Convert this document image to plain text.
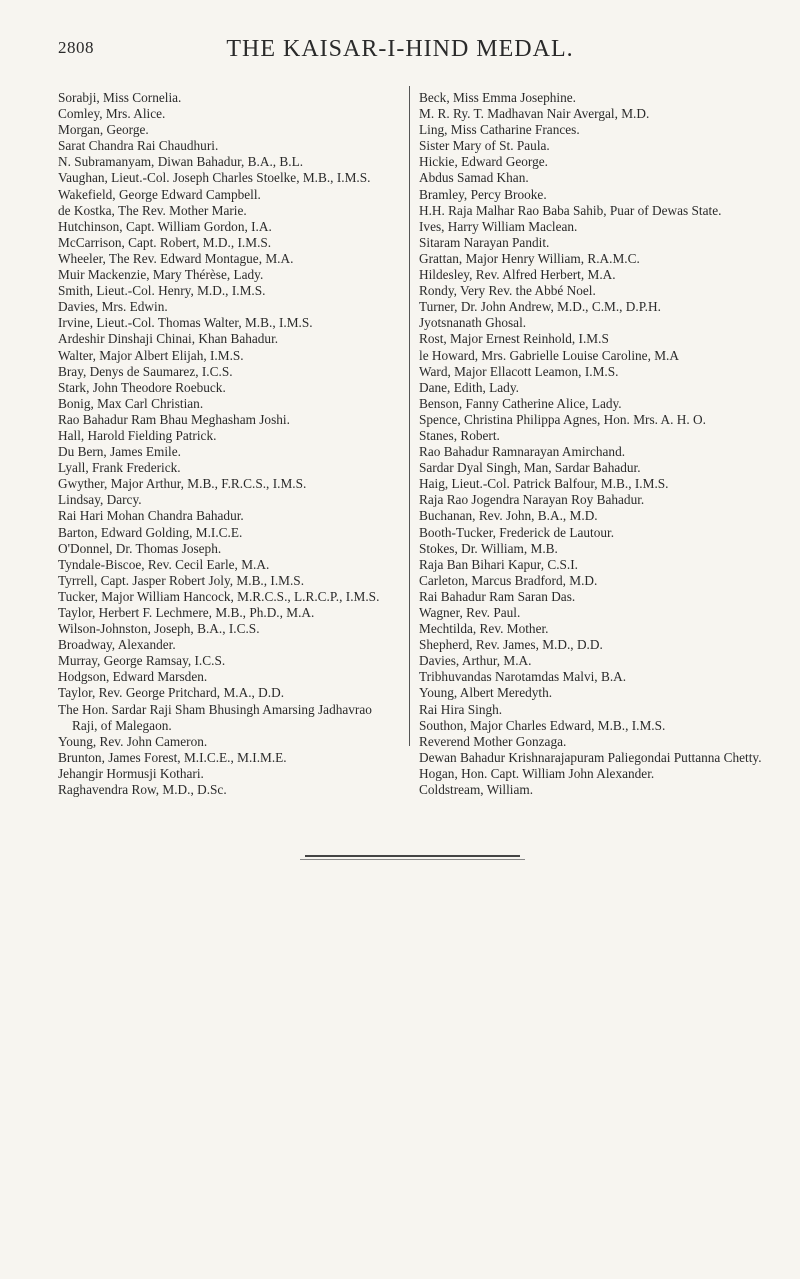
2808	THE KAISAR-I-HIND MEDAL.
Sorabji, Miss Cornelia.
Comley, Mrs. Alice.
Morgan, George.
Sarat Chandra Rai Chaudhuri.
N. Subramanyam, Diwan Bahadur, B.A., B.L.
Vaughan, Lieut.-Col. Joseph Charles Stoelke, M.B., I.M.S.
Wakefield, George Edward Campbell.
de Kostka, The Rev. Mother Marie.
Hutchinson, Capt. William Gordon, I.A.
McCarrison, Capt. Robert, M.D., I.M.S.
Wheeler, The Rev. Edward Montague, M.A.
Muir Mackenzie, Mary Thérèse, Lady.
Smith, Lieut.-Col. Henry, M.D., I.M.S.
Davies, Mrs. Edwin.
Irvine, Lieut.-Col. Thomas Walter, M.B., I.M.S.
Ardeshir Dinshaji Chinai, Khan Bahadur.
Walter, Major Albert Elijah, I.M.S.
Bray, Denys de Saumarez, I.C.S.
Stark, John Theodore Roebuck.
Bonig, Max Carl Christian.
Rao Bahadur Ram Bhau Meghasham Joshi.
Hall, Harold Fielding Patrick.
Du Bern, James Emile.
Lyall, Frank Frederick.
Gwyther, Major Arthur, M.B., F.R.C.S., I.M.S.
Lindsay, Darcy.
Rai Hari Mohan Chandra Bahadur.
Barton, Edward Golding, M.I.C.E.
O'Donnel, Dr. Thomas Joseph.
Tyndale-Biscoe, Rev. Cecil Earle, M.A.
Tyrrell, Capt. Jasper Robert Joly, M.B., I.M.S.
Tucker, Major William Hancock, M.R.C.S., L.R.C.P., I.M.S.
Taylor, Herbert F. Lechmere, M.B., Ph.D., M.A.
Wilson-Johnston, Joseph, B.A., I.C.S.
Broadway, Alexander.
Murray, George Ramsay, I.C.S.
Hodgson, Edward Marsden.
Taylor, Rev. George Pritchard, M.A., D.D.
The Hon. Sardar Raji Sham Bhusingh Amarsing Jadhavrao
Raji, of Malegaon.
Young, Rev. John Cameron.
Brunton, James Forest, M.I.C.E., M.I.M.E.
Jehangir Hormusji Kothari.
Raghavendra Row, M.D., D.Sc.
Beck, Miss Emma Josephine.
M. R. Ry. T. Madhavan Nair Avergal, M.D.
Ling, Miss Catharine Frances.
Sister Mary of St. Paula.
Hickie, Edward George.
Abdus Samad Khan.
Bramley, Percy Brooke.
H.H. Raja Malhar Rao Baba Sahib, Puar of Dewas State.
Ives, Harry William Maclean.
Sitaram Narayan Pandit.
Grattan, Major Henry William, R.A.M.C.
Hildesley, Rev. Alfred Herbert, M.A.
Rondy, Very Rev. the Abbé Noel.
Turner, Dr. John Andrew, M.D., C.M., D.P.H.
Jyotsnanath Ghosal.
Rost, Major Ernest Reinhold, I.M.S
le Howard, Mrs. Gabrielle Louise Caroline, M.A
Ward, Major Ellacott Leamon, I.M.S.
Dane, Edith, Lady.
Benson, Fanny Catherine Alice, Lady.
Spence, Christina Philippa Agnes, Hon. Mrs. A. H. O.
Stanes, Robert.
Rao Bahadur Ramnarayan Amirchand.
Sardar Dyal Singh, Man, Sardar Bahadur.
Haig, Lieut.-Col. Patrick Balfour, M.B., I.M.S.
Raja Rao Jogendra Narayan Roy Bahadur.
Buchanan, Rev. John, B.A., M.D.
Booth-Tucker, Frederick de Lautour.
Stokes, Dr. William, M.B.
Raja Ban Bihari Kapur, C.S.I.
Carleton, Marcus Bradford, M.D.
Rai Bahadur Ram Saran Das.
Wagner, Rev. Paul.
Mechtilda, Rev. Mother.
Shepherd, Rev. James, M.D., D.D.
Davies, Arthur, M.A.
Tribhuvandas Narotamdas Malvi, B.A.
Young, Albert Meredyth.
Rai Hira Singh.
Southon, Major Charles Edward, M.B., I.M.S.
Reverend Mother Gonzaga.
Dewan Bahadur Krishnarajapuram Paliegondai Puttanna Chetty.
Hogan, Hon. Capt. William John Alexander.
Coldstream, William.
